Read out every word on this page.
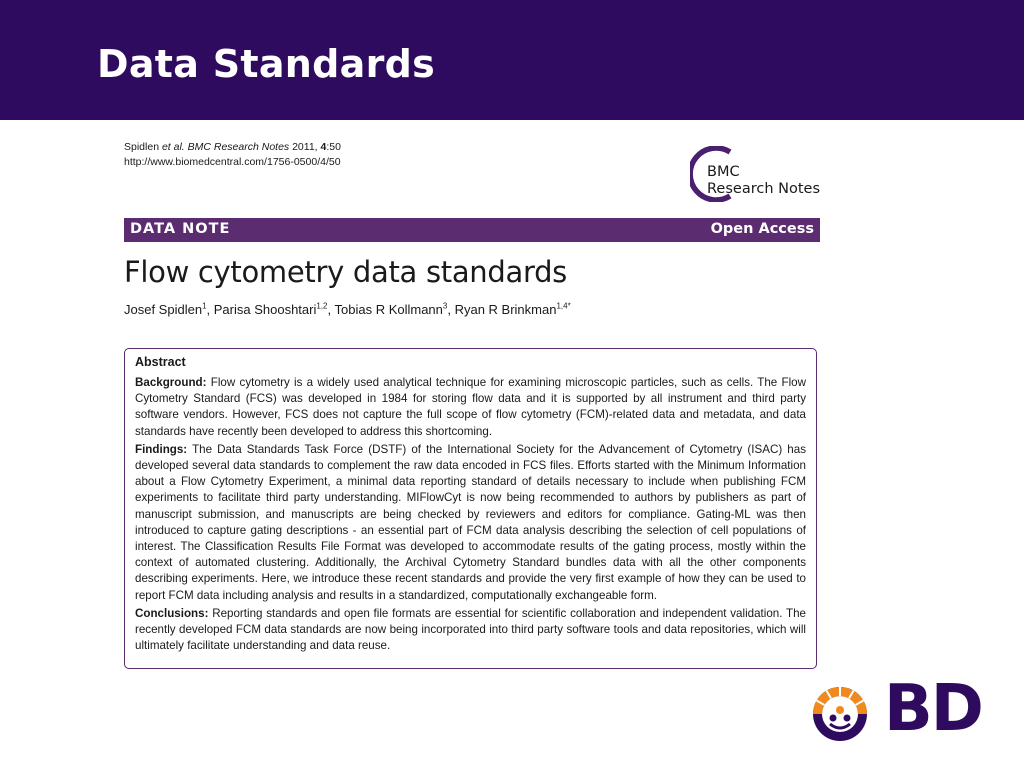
Data Standards
Spidlen et al. BMC Research Notes 2011, 4:50
http://www.biomedcentral.com/1756-0500/4/50
BMC
Research Notes
DATA NOTE	Open Access
Flow cytometry data standards
Josef Spidlen$^1$, Parisa Shooshtari$^{1,2}$, Tobias R Kollmann$^3$, Ryan R Brinkman$^{1,4*}$

Abstract

Background: Flow cytometry is a widely used analytical technique for examining microscopic particles, such as cells. The Flow Cytometry Standard (FCS) was developed in 1984 for storing flow data and it is supported by all instrument and third party software vendors. However, FCS does not capture the full scope of flow cytometry (FCM)-related data and metadata, and data standards have recently been developed to address this shortcoming.

Findings: The Data Standards Task Force (DSTF) of the International Society for the Advancement of Cytometry (ISAC) has developed several data standards to complement the raw data encoded in FCS files. Efforts started with the Minimum Information about a Flow Cytometry Experiment, a minimal data reporting standard of details necessary to include when publishing FCM experiments to facilitate third party understanding. MIFlowCyt is now being recommended to authors by publishers as part of manuscript submission, and manuscripts are being checked by reviewers and editors for compliance. Gating-ML was then introduced to capture gating descriptions - an essential part of FCM data analysis describing the selection of cell populations of interest. The Classification Results File Format was developed to accommodate results of the gating process, mostly within the context of automated clustering. Additionally, the Archival Cytometry Standard bundles data with all the other components describing experiments. Here, we introduce these recent standards and provide the very first example of how they can be used to report FCM data including analysis and results in a standardized, computationally exchangeable form.

Conclusions: Reporting standards and open file formats are essential for scientific collaboration and independent validation. The recently developed FCM data standards are now being incorporated into third party software tools and data repositories, which will ultimately facilitate understanding and data reuse.

BD
